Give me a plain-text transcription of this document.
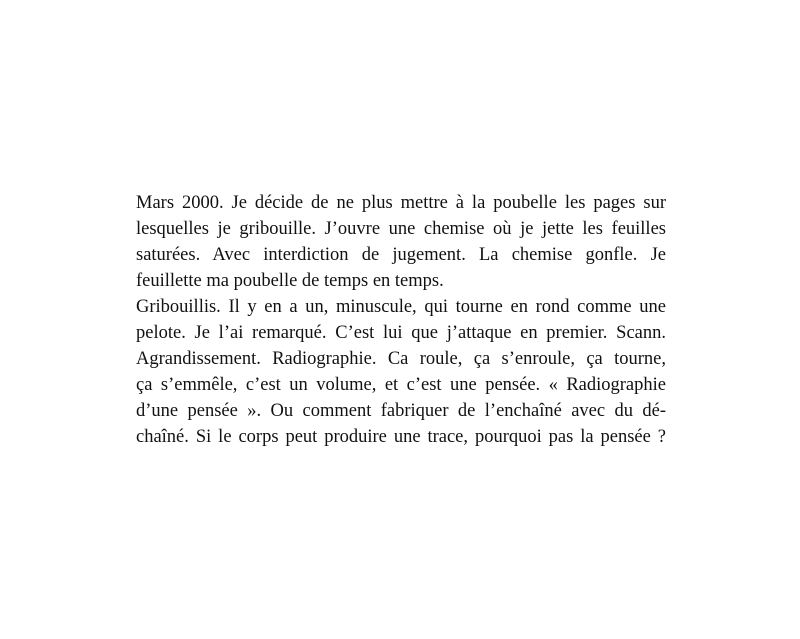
Mars 2000. Je décide de ne plus mettre à la poubelle les pages sur
lesquelles je gribouille. J’ouvre une chemise où je jette les feuilles
saturées. Avec interdiction de jugement. La chemise gonfle. Je
feuillette ma poubelle de temps en temps.
Gribouillis. Il y en a un, minuscule, qui tourne en rond comme une
pelote. Je l’ai remarqué. C’est lui que j’attaque en premier. Scann.
Agrandissement. Radiographie. Ca roule, ça s’enroule, ça tourne,
ça s’emmêle, c’est un volume, et c’est une pensée. « Radiographie
d’une pensée ». Ou comment fabriquer de l’enchaîné avec du dé-
chaîné. Si le corps peut produire une trace, pourquoi pas la pensée ?
